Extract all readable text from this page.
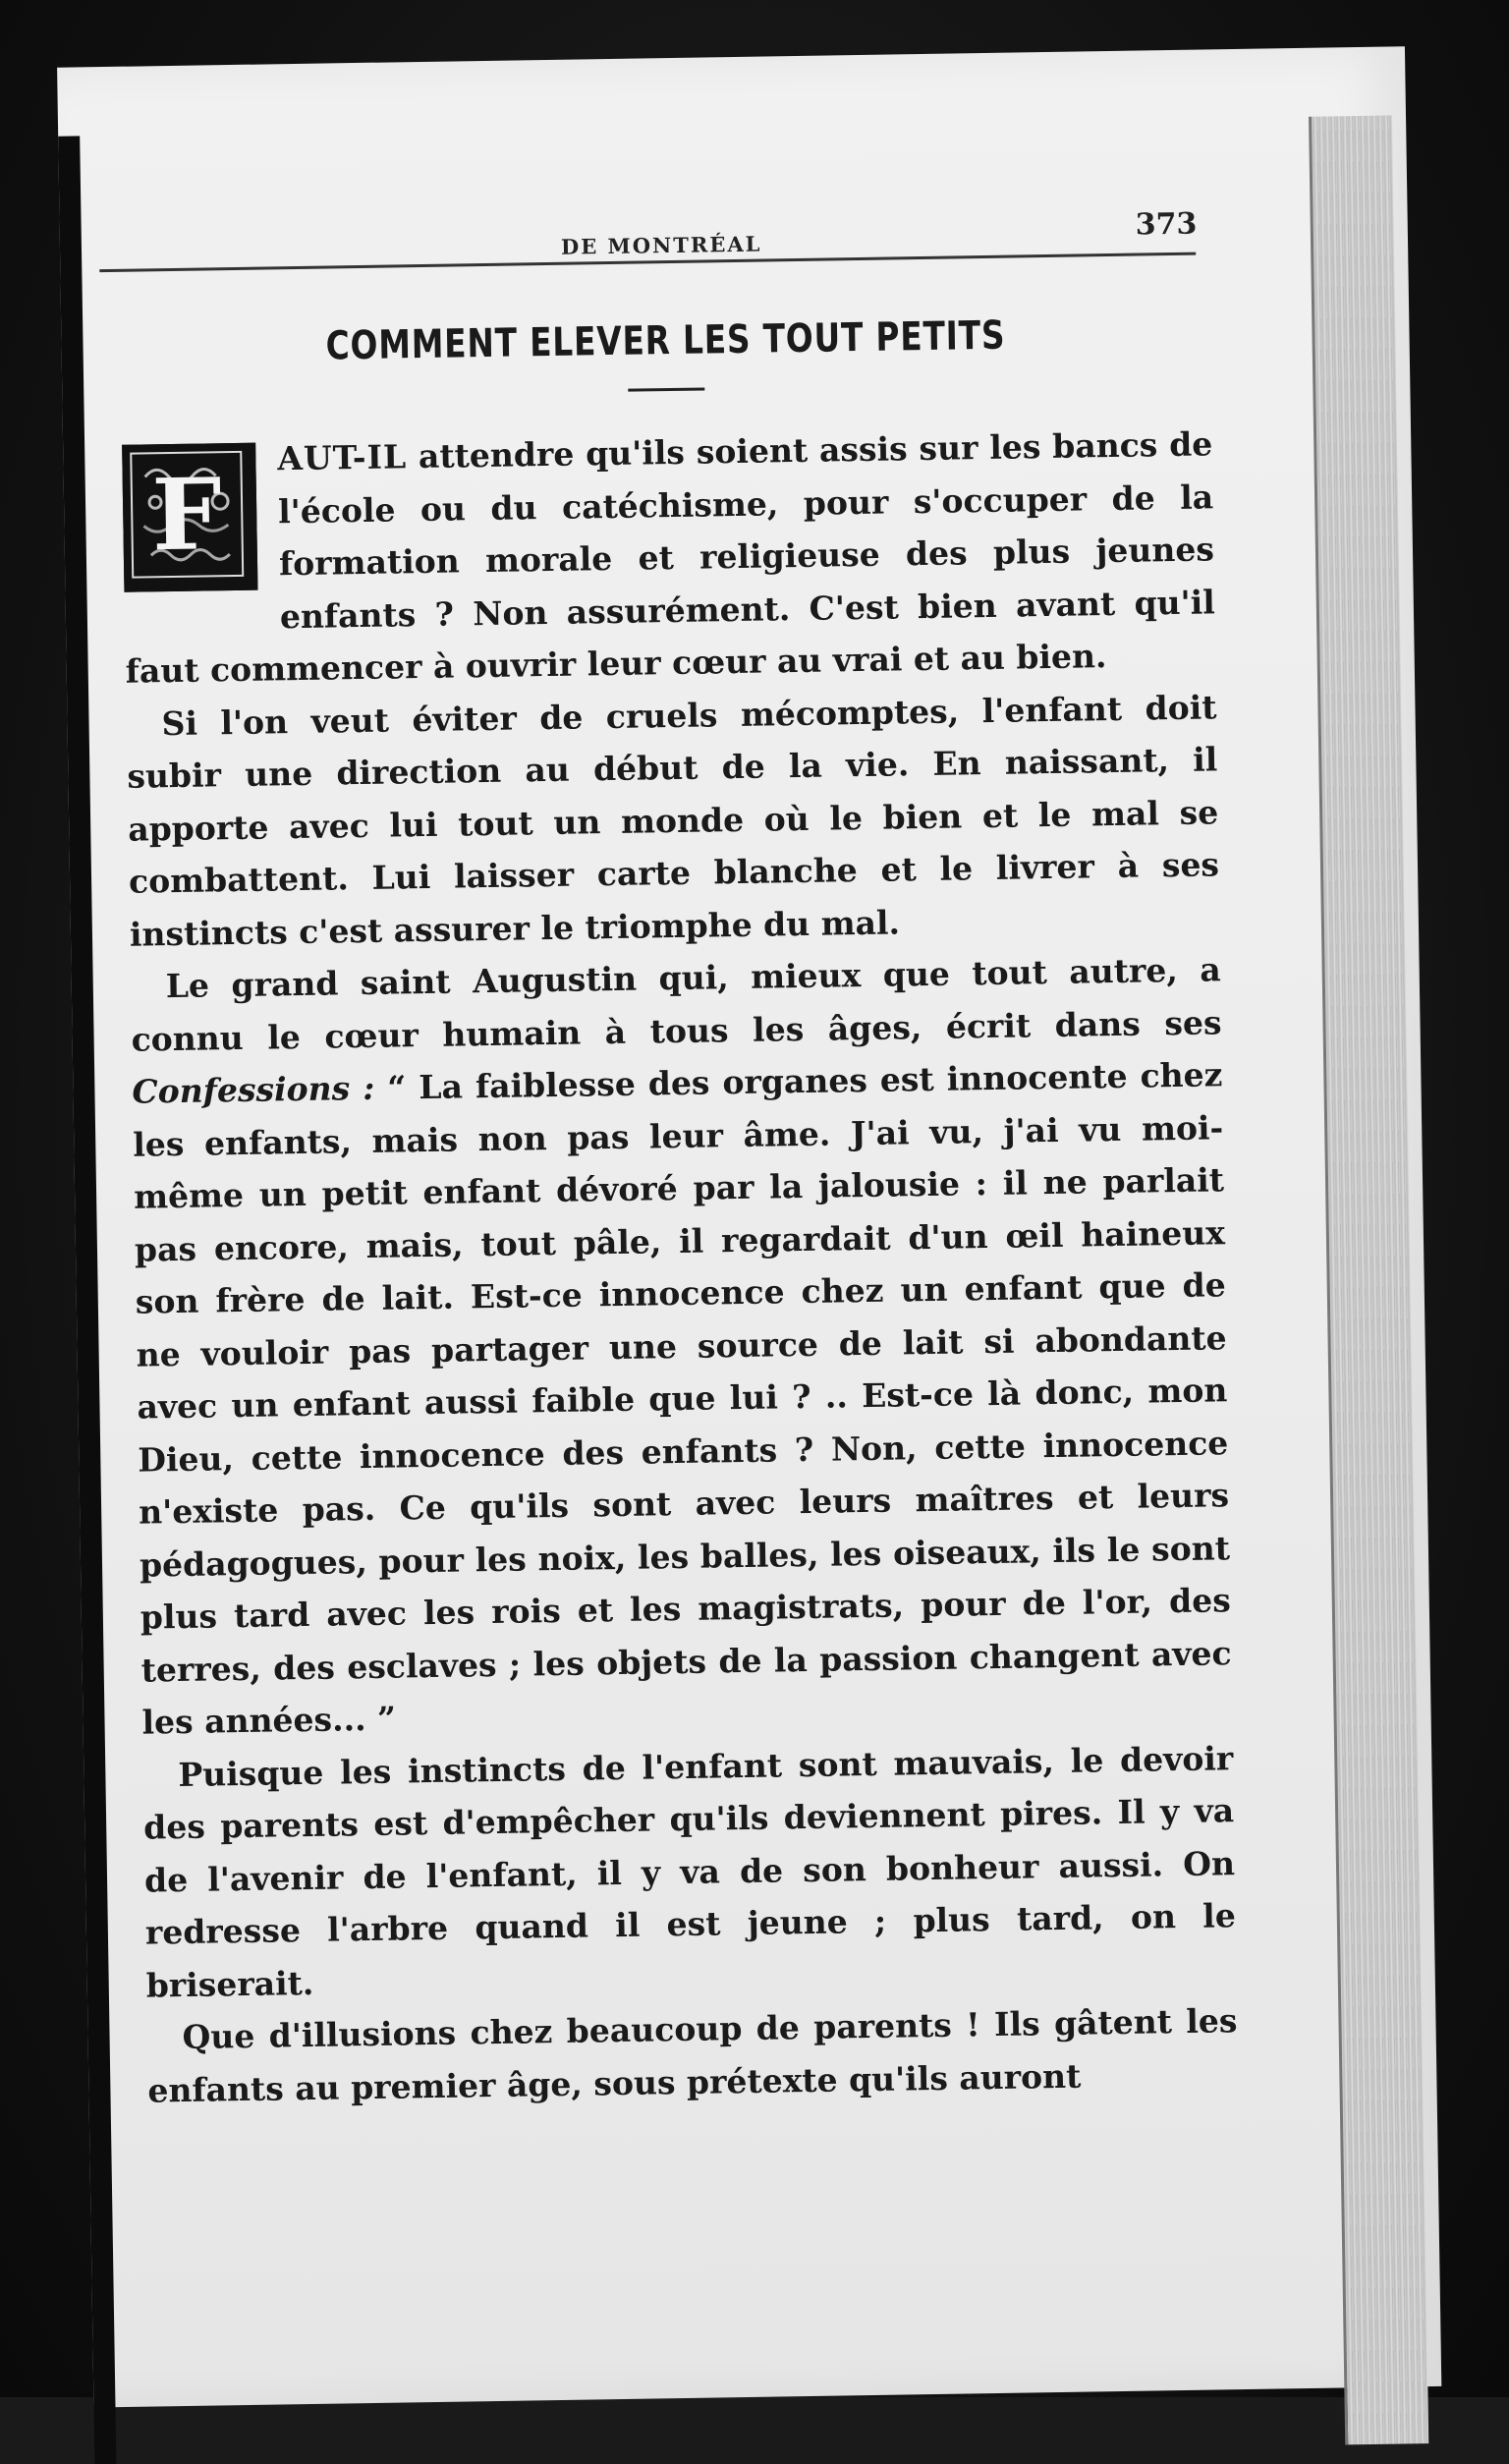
DE MONTRÉAL
373
COMMENT ELEVER LES TOUT PETITS

F AUT-IL attendre qu'ils soient assis sur les bancs de l'école ou du catéchisme, pour s'occuper de la formation morale et religieuse des plus jeunes enfants ? Non assurément. C'est bien avant qu'il faut commencer à ouvrir leur cœur au vrai et au bien.

Si l'on veut éviter de cruels mécomptes, l'enfant doit subir une direction au début de la vie. En naissant, il apporte avec lui tout un monde où le bien et le mal se combattent. Lui laisser carte blanche et le livrer à ses instincts c'est assurer le triomphe du mal.

Le grand saint Augustin qui, mieux que tout autre, a connu le cœur humain à tous les âges, écrit dans ses Confessions : “ La faiblesse des organes est innocente chez les enfants, mais non pas leur âme. J'ai vu, j'ai vu moi-même un petit enfant dévoré par la jalousie : il ne parlait pas encore, mais, tout pâle, il regardait d'un œil haineux son frère de lait. Est-ce innocence chez un enfant que de ne vouloir pas partager une source de lait si abondante avec un enfant aussi faible que lui ? .. Est-ce là donc, mon Dieu, cette innocence des enfants ? Non, cette innocence n'existe pas. Ce qu'ils sont avec leurs maîtres et leurs pédagogues, pour les noix, les balles, les oiseaux, ils le sont plus tard avec les rois et les magistrats, pour de l'or, des terres, des esclaves ; les objets de la passion changent avec les années... ”

Puisque les instincts de l'enfant sont mauvais, le devoir des parents est d'empêcher qu'ils deviennent pires. Il y va de l'avenir de l'enfant, il y va de son bonheur aussi. On redresse l'arbre quand il est jeune ; plus tard, on le briserait.

Que d'illusions chez beaucoup de parents ! Ils gâtent les enfants au premier âge, sous prétexte qu'ils auront
